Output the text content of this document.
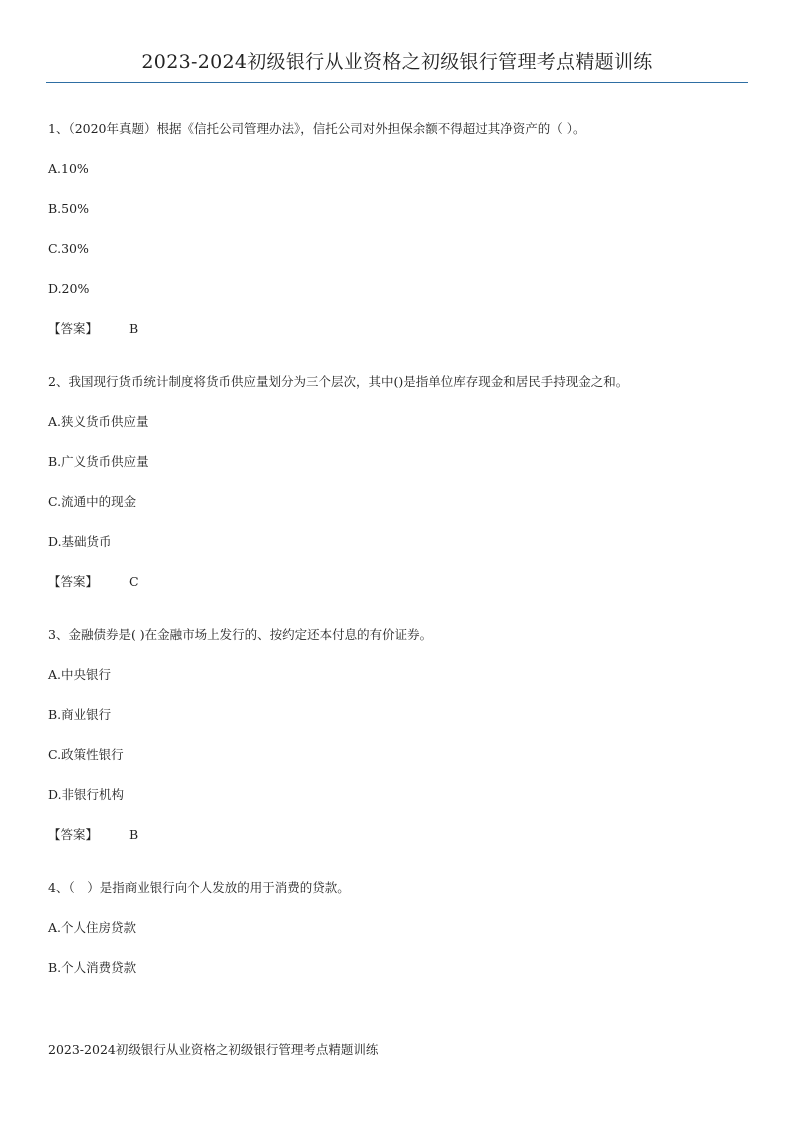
2023-2024初级银行从业资格之初级银行管理考点精题训练
1、（2020年真题）根据《信托公司管理办法》，信托公司对外担保余额不得超过其净资产的（ ）。
A.10%
B.50%
C.30%
D.20%
【答案】 B
2、我国现行货币统计制度将货币供应量划分为三个层次，其中()是指单位库存现金和居民手持现金之和。
A.狭义货币供应量
B.广义货币供应量
C.流通中的现金
D.基础货币
【答案】 C
3、金融债券是( )在金融市场上发行的、按约定还本付息的有价证券。
A.中央银行
B.商业银行
C.政策性银行
D.非银行机构
【答案】 B
4、（　）是指商业银行向个人发放的用于消费的贷款。
A.个人住房贷款
B.个人消费贷款
2023-2024初级银行从业资格之初级银行管理考点精题训练
